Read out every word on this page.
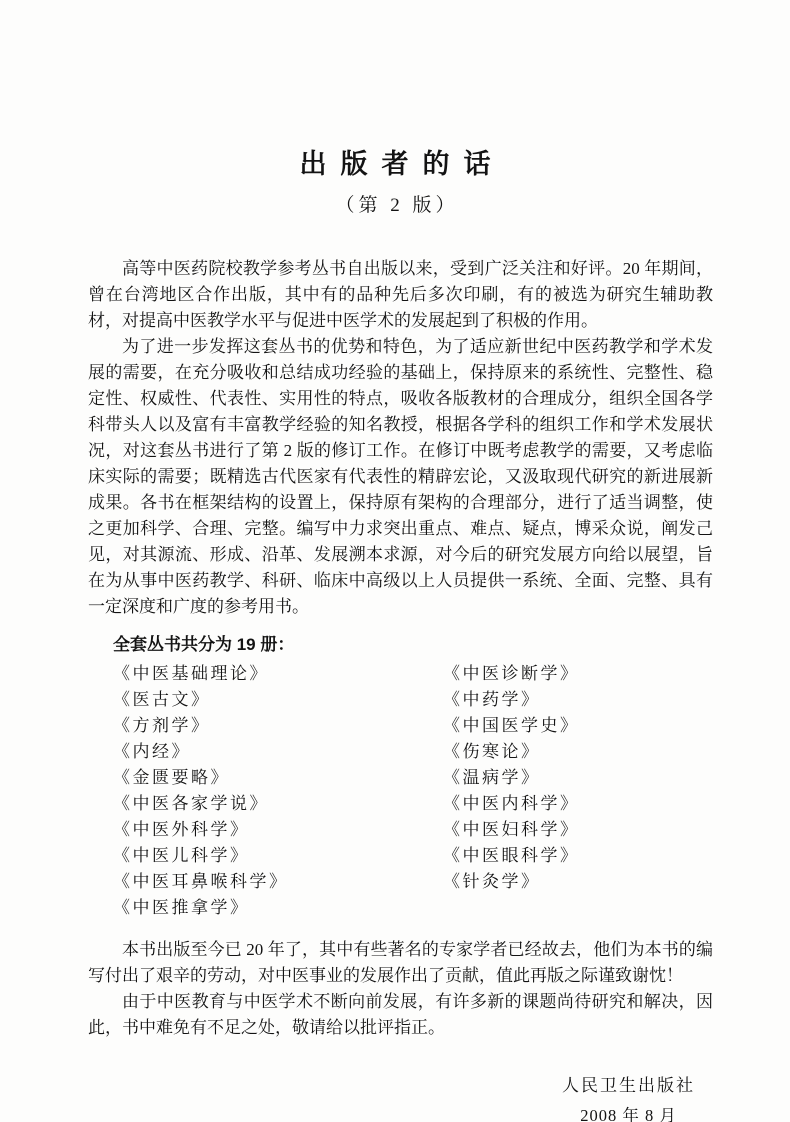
出版者的话
（第 2 版）

高等中医药院校教学参考丛书自出版以来，受到广泛关注和好评。20 年期间，曾在台湾地区合作出版，其中有的品种先后多次印刷，有的被选为研究生辅助教材，对提高中医教学水平与促进中医学术的发展起到了积极的作用。

为了进一步发挥这套丛书的优势和特色，为了适应新世纪中医药教学和学术发展的需要，在充分吸收和总结成功经验的基础上，保持原来的系统性、完整性、稳定性、权威性、代表性、实用性的特点，吸收各版教材的合理成分，组织全国各学科带头人以及富有丰富教学经验的知名教授，根据各学科的组织工作和学术发展状况，对这套丛书进行了第 2 版的修订工作。在修订中既考虑教学的需要，又考虑临床实际的需要；既精选古代医家有代表性的精辟宏论，又汲取现代研究的新进展新成果。各书在框架结构的设置上，保持原有架构的合理部分，进行了适当调整，使之更加科学、合理、完整。编写中力求突出重点、难点、疑点，博采众说，阐发己见，对其源流、形成、沿革、发展溯本求源，对今后的研究发展方向给以展望，旨在为从事中医药教学、科研、临床中高级以上人员提供一系统、全面、完整、具有一定深度和广度的参考用书。

全套丛书共分为 19 册：
《中医基础理论》
《医古文》
《方剂学》
《内经》
《金匮要略》
《中医各家学说》
《中医外科学》
《中医儿科学》
《中医耳鼻喉科学》
《中医推拿学》
《中医诊断学》
《中药学》
《中国医学史》
《伤寒论》
《温病学》
《中医内科学》
《中医妇科学》
《中医眼科学》
《针灸学》

本书出版至今已 20 年了，其中有些著名的专家学者已经故去，他们为本书的编写付出了艰辛的劳动，对中医事业的发展作出了贡献，值此再版之际谨致谢忱！

由于中医教育与中医学术不断向前发展，有许多新的课题尚待研究和解决，因此，书中难免有不足之处，敬请给以批评指正。

人民卫生出版社
2008 年 8 月
